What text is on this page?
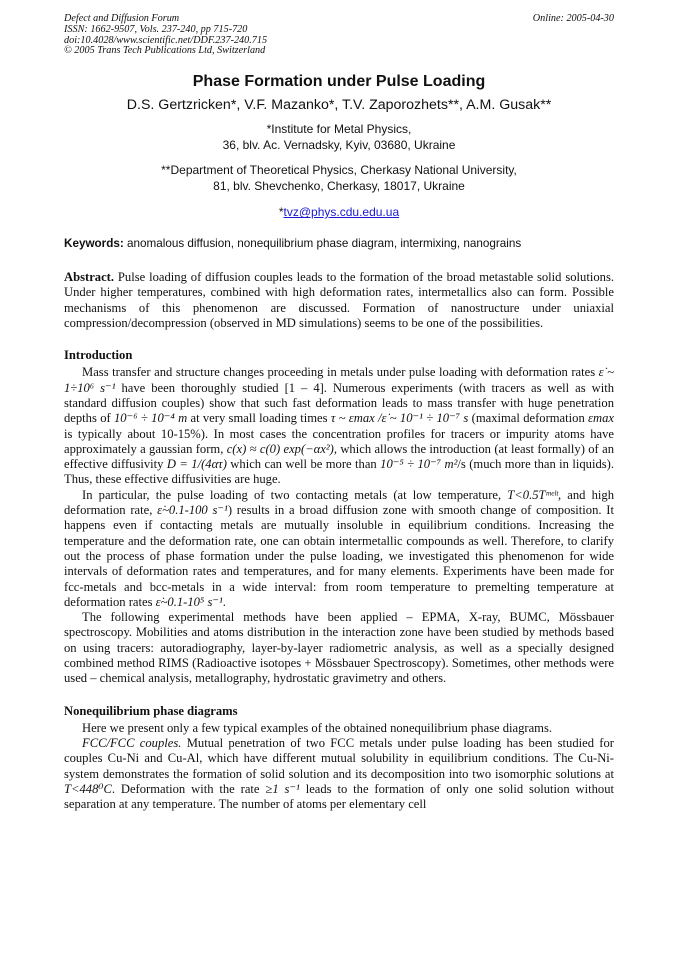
Defect and Diffusion Forum	Online: 2005-04-30
ISSN: 1662-9507, Vols. 237-240, pp 715-720
doi:10.4028/www.scientific.net/DDF.237-240.715
© 2005 Trans Tech Publications Ltd, Switzerland
Phase Formation under Pulse Loading
D.S. Gertzricken*, V.F. Mazanko*, T.V. Zaporozhets**, A.M. Gusak**
*Institute for Metal Physics,
36, blv. Ac. Vernadsky, Kyiv, 03680, Ukraine
**Department of Theoretical Physics, Cherkasy National University,
81, blv. Shevchenko, Cherkasy, 18017, Ukraine
*tvz@phys.cdu.edu.ua
Keywords: anomalous diffusion, nonequilibrium phase diagram, intermixing, nanograins

Abstract. Pulse loading of diffusion couples leads to the formation of the broad metastable solid solutions. Under higher temperatures, combined with high deformation rates, intermetallics also can form. Possible mechanisms of this phenomenon are discussed. Formation of nanostructure under uniaxial compression/decompression (observed in MD simulations) seems to be one of the possibilities.

Introduction

Mass transfer and structure changes proceeding in metals under pulse loading with deformation rates ε̇ ~ 1÷10⁶ s⁻¹ have been thoroughly studied [1 – 4]. Numerous experiments (with tracers as well as with standard diffusion couples) show that such fast deformation leads to mass transfer with huge penetration depths of 10⁻⁶ ÷ 10⁻⁴ m at very small loading times τ ~ εmax /ε̇ ~ 10⁻¹ ÷ 10⁻⁷ s (maximal deformation εmax is typically about 10-15%). In most cases the concentration profiles for tracers or impurity atoms have approximately a gaussian form, c(x) ≈ c(0) exp(−αx²), which allows the introduction (at least formally) of an effective diffusivity D = 1/(4ατ) which can well be more than 10⁻⁵ ÷ 10⁻⁷ m²/s (much more than in liquids). Thus, these effective diffusivities are huge.

In particular, the pulse loading of two contacting metals (at low temperature, T<0.5Tᵐᵉˡᵗ, and high deformation rate, ε̇~0.1-100 s⁻¹) results in a broad diffusion zone with smooth change of composition. It happens even if contacting metals are mutually insoluble in equilibrium conditions. Increasing the temperature and the deformation rate, one can obtain intermetallic compounds as well. Therefore, to clarify out the process of phase formation under the pulse loading, we investigated this phenomenon for wide intervals of deformation rates and temperatures, and for many elements. Experiments have been made for fcc-metals and bcc-metals in a wide interval: from room temperature to premelting temperature at deformation rates ε̇~0.1-10⁵ s⁻¹.

The following experimental methods have been applied – EPMA, X-ray, BUMC, Mössbauer spectroscopy. Mobilities and atoms distribution in the interaction zone have been studied by methods based on using tracers: autoradiography, layer-by-layer radiometric analysis, as well as a specially designed combined method RIMS (Radioactive isotopes + Mössbauer Spectroscopy). Sometimes, other methods were used – chemical analysis, metallography, hydrostatic gravimetry and others.

Nonequilibrium phase diagrams

Here we present only a few typical examples of the obtained nonequilibrium phase diagrams.

FCC/FCC couples. Mutual penetration of two FCC metals under pulse loading has been studied for couples Cu-Ni and Cu-Al, which have different mutual solubility in equilibrium conditions. The Cu-Ni-system demonstrates the formation of solid solution and its decomposition into two isomorphic solutions at T<448⁰C. Deformation with the rate ≥1 s⁻¹ leads to the formation of only one solid solution without separation at any temperature. The number of atoms per elementary cell
